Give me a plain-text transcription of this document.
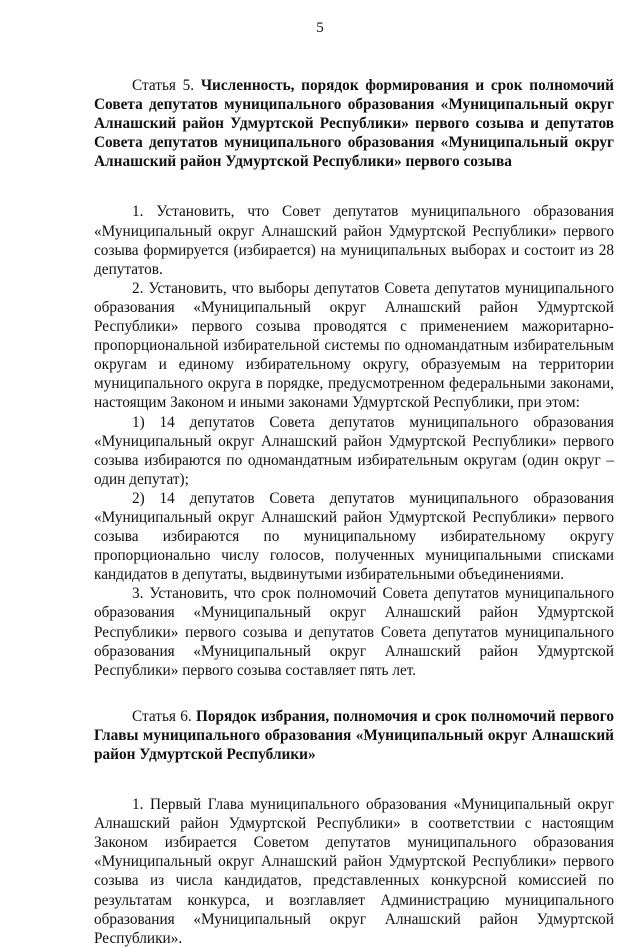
5

Статья 5. Численность, порядок формирования и срок полномочий Совета депутатов муниципального образования «Муниципальный округ Алнашский район Удмуртской Республики» первого созыва и депутатов Совета депутатов муниципального образования «Муниципальный округ Алнашский район Удмуртской Республики» первого созыва

1. Установить, что Совет депутатов муниципального образования «Муниципальный округ Алнашский район Удмуртской Республики» первого созыва формируется (избирается) на муниципальных выборах и состоит из 28 депутатов.

2. Установить, что выборы депутатов Совета депутатов муниципального образования «Муниципальный округ Алнашский район Удмуртской Республики» первого созыва проводятся с применением мажоритарно-пропорциональной избирательной системы по одномандатным избирательным округам и единому избирательному округу, образуемым на территории муниципального округа в порядке, предусмотренном федеральными законами, настоящим Законом и иными законами Удмуртской Республики, при этом:

1) 14 депутатов Совета депутатов муниципального образования «Муниципальный округ Алнашский район Удмуртской Республики» первого созыва избираются по одномандатным избирательным округам (один округ – один депутат);

2) 14 депутатов Совета депутатов муниципального образования «Муниципальный округ Алнашский район Удмуртской Республики» первого созыва избираются по муниципальному избирательному округу пропорционально числу голосов, полученных муниципальными списками кандидатов в депутаты, выдвинутыми избирательными объединениями.

3. Установить, что срок полномочий Совета депутатов муниципального образования «Муниципальный округ Алнашский район Удмуртской Республики» первого созыва и депутатов Совета депутатов муниципального образования «Муниципальный округ Алнашский район Удмуртской Республики» первого созыва составляет пять лет.

Статья 6. Порядок избрания, полномочия и срок полномочий первого Главы муниципального образования «Муниципальный округ Алнашский район Удмуртской Республики»

1. Первый Глава муниципального образования «Муниципальный округ Алнашский район Удмуртской Республики» в соответствии с настоящим Законом избирается Советом депутатов муниципального образования «Муниципальный округ Алнашский район Удмуртской Республики» первого созыва из числа кандидатов, представленных конкурсной комиссией по результатам конкурса, и возглавляет Администрацию муниципального образования «Муниципальный округ Алнашский район Удмуртской Республики».
